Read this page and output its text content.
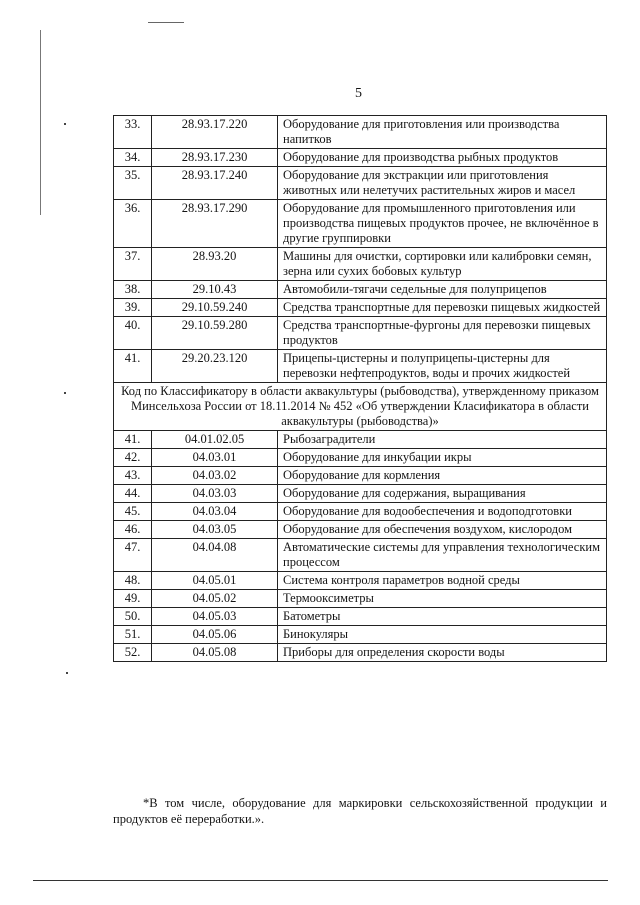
5
33.	28.93.17.220	Оборудование для приготовления или производства напитков
34.	28.93.17.230	Оборудование для производства рыбных продуктов
35.	28.93.17.240	Оборудование для экстракции или приготовления животных или нелетучих растительных жиров и масел
36.	28.93.17.290	Оборудование для промышленного приготовления или производства пищевых продуктов прочее, не включённое в другие группировки
37.	28.93.20	Машины для очистки, сортировки или калибровки семян, зерна или сухих бобовых культур
38.	29.10.43	Автомобили-тягачи седельные для полуприцепов
39.	29.10.59.240	Средства транспортные для перевозки пищевых жидкостей
40.	29.10.59.280	Средства транспортные-фургоны для перевозки пищевых продуктов
41.	29.20.23.120	Прицепы-цистерны и полуприцепы-цистерны для перевозки нефтепродуктов, воды и прочих жидкостей
Код по Классификатору в области аквакультуры (рыбоводства), утвержденному приказом Минсельхоза России от 18.11.2014 № 452 «Об утверждении Класификатора в области аквакультуры (рыбоводства)»		
41.	04.01.02.05	Рыбозаградители
42.	04.03.01	Оборудование для инкубации икры
43.	04.03.02	Оборудование для кормления
44.	04.03.03	Оборудование для содержания, выращивания
45.	04.03.04	Оборудование для водообеспечения и водоподготовки
46.	04.03.05	Оборудование для обеспечения воздухом, кислородом
47.	04.04.08	Автоматические системы для управления технологическим процессом
48.	04.05.01	Система контроля параметров водной среды
49.	04.05.02	Термооксиметры
50.	04.05.03	Батометры
51.	04.05.06	Бинокуляры
52.	04.05.08	Приборы для определения скорости воды
*В том числе, оборудование для маркировки сельскохозяйственной продукции и продуктов её переработки.».
